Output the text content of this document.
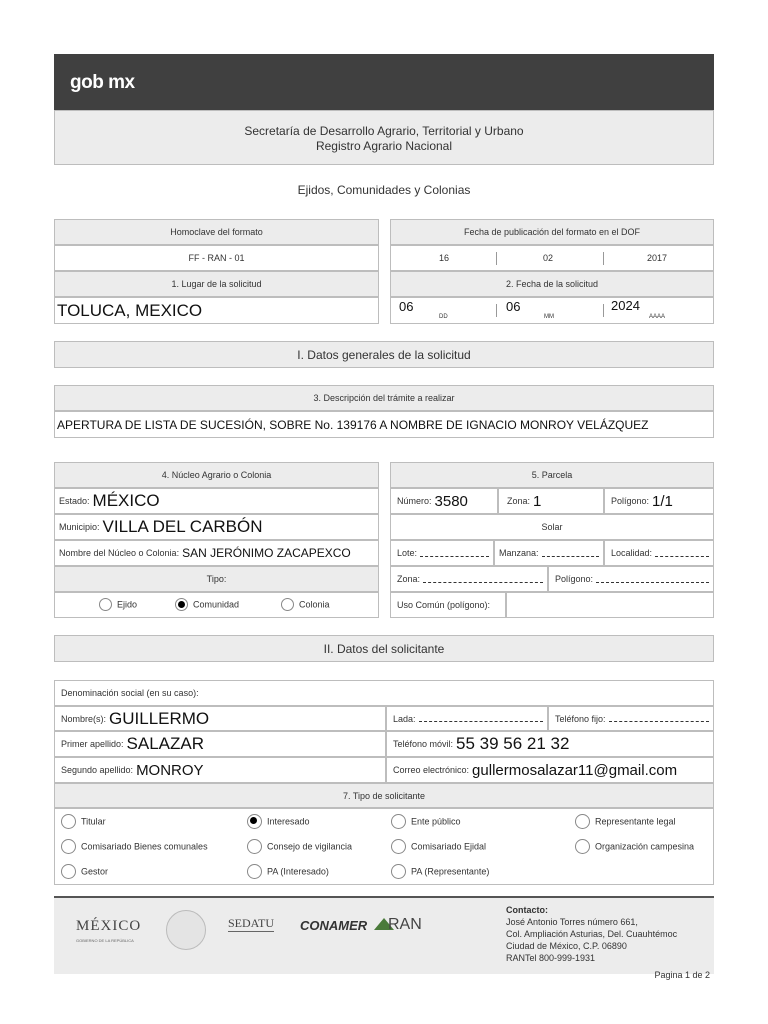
gob mx
Secretaría de Desarrollo Agrario, Territorial y Urbano
Registro Agrario Nacional
Ejidos, Comunidades y Colonias
Homoclave del formato
FF - RAN - 01
1. Lugar de la solicitud
TOLUCA, MEXICO
Fecha de publicación del formato en el DOF
16	02	2017
2. Fecha de la solicitud
06
DD
06
MM
2024
AAAA
I. Datos generales de la solicitud
3. Descripción del trámite a realizar
APERTURA DE LISTA DE SUCESIÓN, SOBRE No. 139176 A NOMBRE DE IGNACIO MONROY VELÁZQUEZ
4. Núcleo Agrario o Colonia
Estado: MÉXICO
Municipio: VILLA DEL CARBÓN
Nombre del Núcleo o Colonia: SAN JERÓNIMO ZACAPEXCO
Tipo:
Ejido	Comunidad	Colonia
5. Parcela
Número: 3580	Zona: 1	Polígono: 1/1
Solar
Lote:	Manzana:	Localidad:
Zona:	Polígono:
Uso Común (polígono):
II. Datos del solicitante
Denominación social (en su caso):
Nombre(s): GUILLERMO	Lada:	Teléfono fijo:
Primer apellido: SALAZAR	Teléfono móvil: 55 39 56 21 32
Segundo apellido: MONROY	Correo electrónico: gullermosalazar11@gmail.com
7. Tipo de solicitante
Titular	Interesado	Ente público	Representante legal
Comisariado Bienes comunales	Consejo de vigilancia	Comisariado Ejidal	Organización campesina
Gestor	PA (Interesado)	PA (Representante)
MÉXICO
GOBIERNO DE LA REPÚBLICA
SEDATU CONAMER RAN
Contacto:
José Antonio Torres número 661,
Col. Ampliación Asturias, Del. Cuauhtémoc
Ciudad de México, C.P. 06890
RANTel 800-999-1931
Pagina 1 de 2
